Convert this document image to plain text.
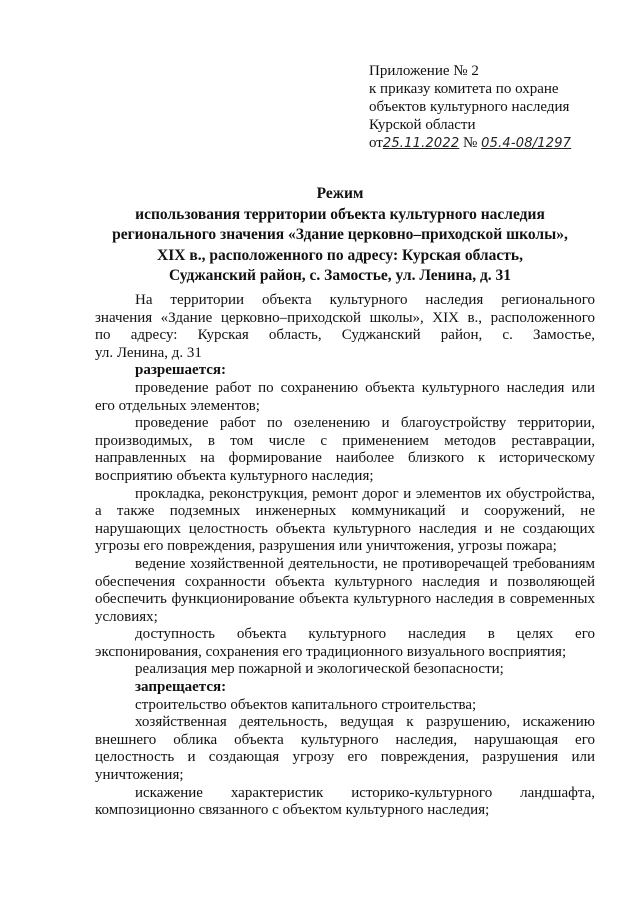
Приложение № 2
к приказу комитета по охране
объектов культурного наследия
Курской области
от25.11.2022 № 05.4-08/1297
Режим
использования территории объекта культурного наследия
регионального значения «Здание церковно–приходской школы»,
XIX в., расположенного по адресу: Курская область,
Суджанский район, с. Замостье, ул. Ленина, д. 31

На территории объекта культурного наследия регионального

значения «Здание церковно–приходской школы», XIX в., расположенного

по адресу: Курская область, Суджанский район, с. Замостье,

ул. Ленина, д. 31

разрешается:

проведение работ по сохранению объекта культурного наследия или его отдельных элементов;

проведение работ по озеленению и благоустройству территории, производимых, в том числе с применением методов реставрации, направленных на формирование наиболее близкого к историческому восприятию объекта культурного наследия;

прокладка, реконструкция, ремонт дорог и элементов их обустройства, а также подземных инженерных коммуникаций и сооружений, не нарушающих целостность объекта культурного наследия и не создающих угрозы его повреждения, разрушения или уничтожения, угрозы пожара;

ведение хозяйственной деятельности, не противоречащей требованиям обеспечения сохранности объекта культурного наследия и позволяющей обеспечить функционирование объекта культурного наследия в современных условиях;

доступность объекта культурного наследия в целях его экспонирования, сохранения его традиционного визуального восприятия;

реализация мер пожарной и экологической безопасности;

запрещается:

строительство объектов капитального строительства;

хозяйственная деятельность, ведущая к разрушению, искажению внешнего облика объекта культурного наследия, нарушающая его целостность и создающая угрозу его повреждения, разрушения или уничтожения;

искажение характеристик историко-культурного ландшафта, композиционно связанного с объектом культурного наследия;
